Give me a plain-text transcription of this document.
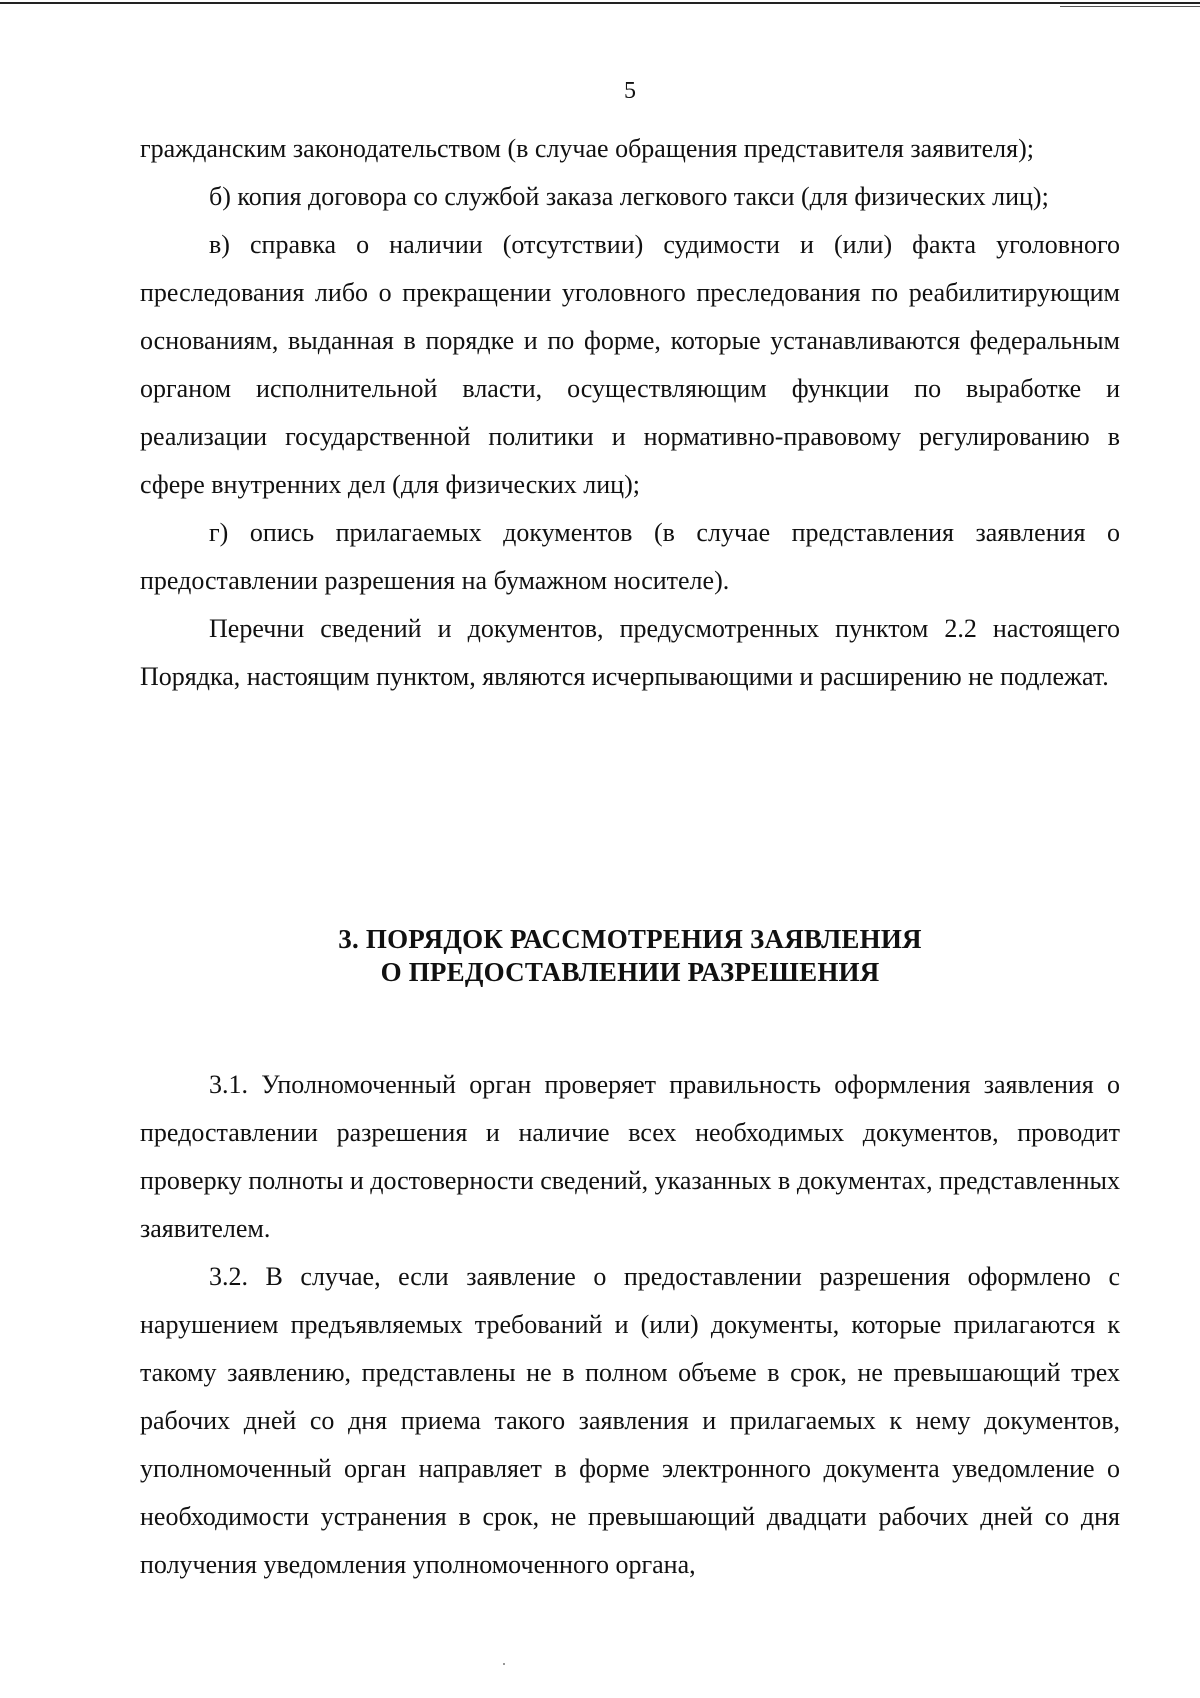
5

гражданским законодательством (в случае обращения представителя заявителя);

б) копия договора со службой заказа легкового такси (для физических лиц);

в) справка о наличии (отсутствии) судимости и (или) факта уголовного преследования либо о прекращении уголовного преследования по реабилитирующим основаниям, выданная в порядке и по форме, которые устанавливаются федеральным органом исполнительной власти, осуществляющим функции по выработке и реализации государственной политики и нормативно-правовому регулированию в сфере внутренних дел (для физических лиц);

г) опись прилагаемых документов (в случае представления заявления о предоставлении разрешения на бумажном носителе).

Перечни сведений и документов, предусмотренных пунктом 2.2 настоящего Порядка, настоящим пунктом, являются исчерпывающими и расширению не подлежат.

3. ПОРЯДОК РАССМОТРЕНИЯ ЗАЯВЛЕНИЯ
О ПРЕДОСТАВЛЕНИИ РАЗРЕШЕНИЯ

3.1. Уполномоченный орган проверяет правильность оформления заявления о предоставлении разрешения и наличие всех необходимых документов, проводит проверку полноты и достоверности сведений, указанных в документах, представленных заявителем.

3.2. В случае, если заявление о предоставлении разрешения оформлено с нарушением предъявляемых требований и (или) документы, которые прилагаются к такому заявлению, представлены не в полном объеме в срок, не превышающий трех рабочих дней со дня приема такого заявления и прилагаемых к нему документов, уполномоченный орган направляет в форме электронного документа уведомление о необходимости устранения в срок, не превышающий двадцати рабочих дней со дня получения уведомления уполномоченного органа,
